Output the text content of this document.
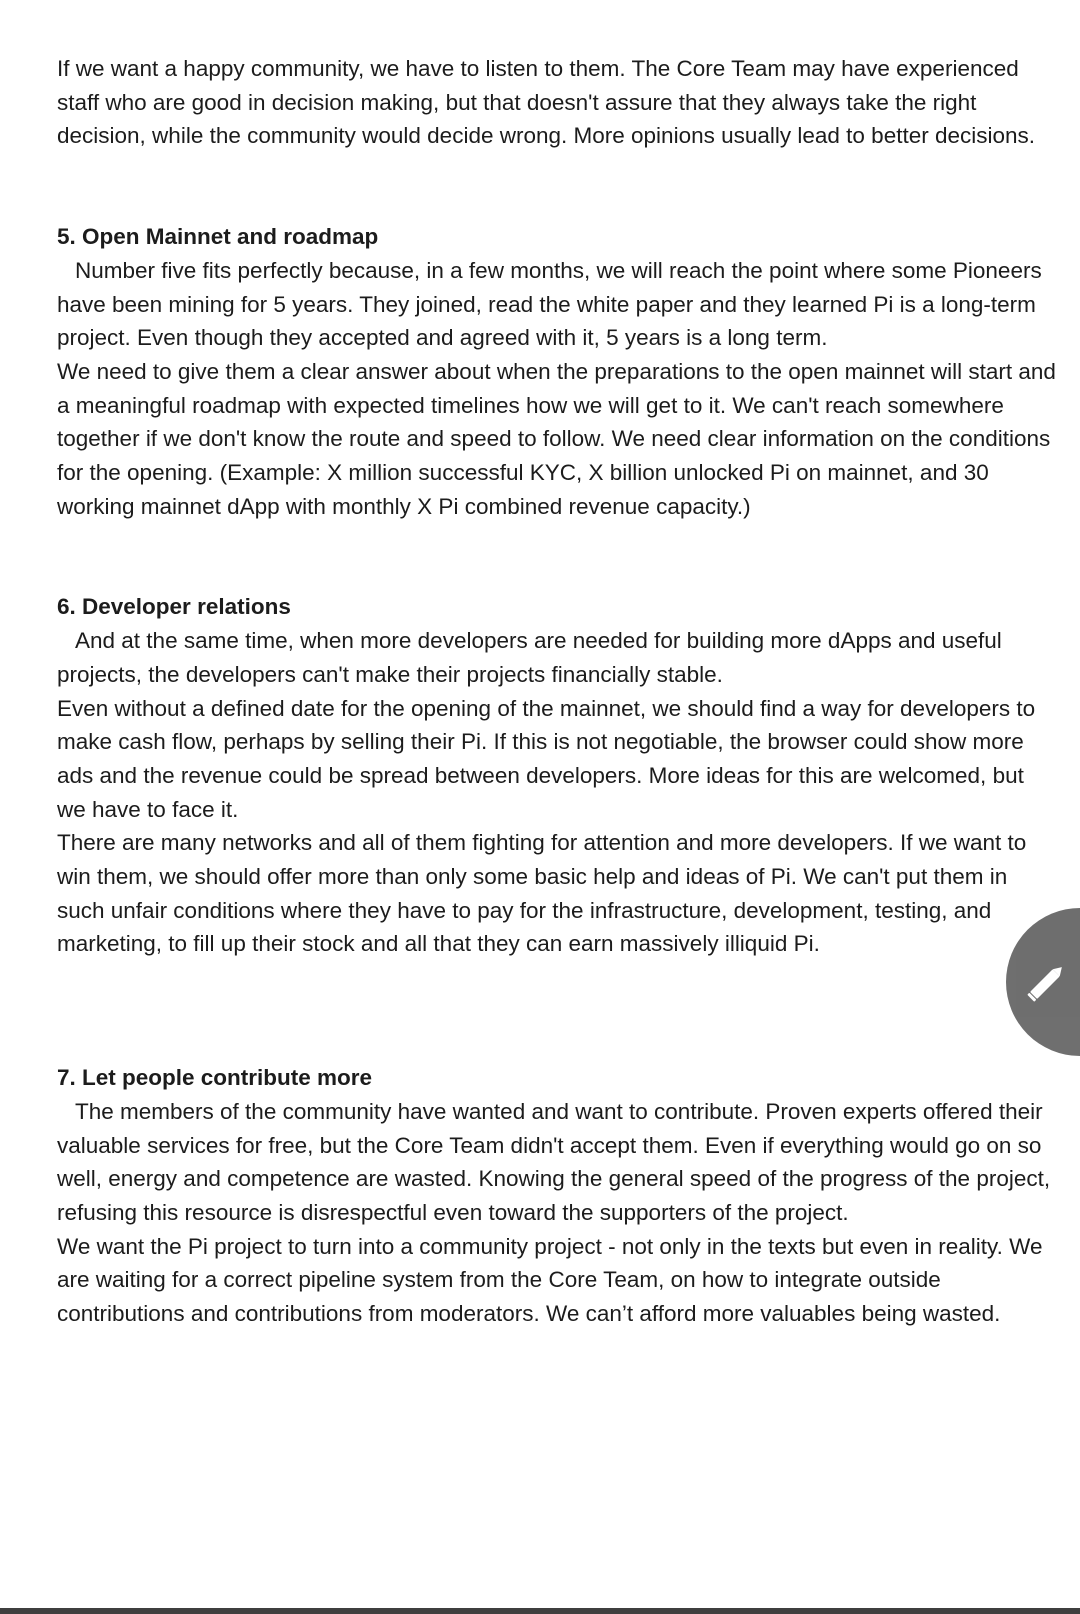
If we want a happy community, we have to listen to them. The Core Team may have experienced staff who are good in decision making, but that doesn't assure that they always take the right decision, while the community would decide wrong. More opinions usually lead to better decisions.

5. Open Mainnet and roadmap

Number five fits perfectly because, in a few months, we will reach the point where some Pioneers have been mining for 5 years. They joined, read the white paper and they learned Pi is a long-term project. Even though they accepted and agreed with it, 5 years is a long term.

We need to give them a clear answer about when the preparations to the open mainnet will start and a meaningful roadmap with expected timelines how we will get to it. We can't reach somewhere together if we don't know the route and speed to follow. We need clear information on the conditions for the opening. (Example: X million successful KYC, X billion unlocked Pi on mainnet, and 30 working mainnet dApp with monthly X Pi combined revenue capacity.)

6. Developer relations

And at the same time, when more developers are needed for building more dApps and useful projects, the developers can't make their projects financially stable.

Even without a defined date for the opening of the mainnet, we should find a way for developers to make cash flow, perhaps by selling their Pi. If this is not negotiable, the browser could show more ads and the revenue could be spread between developers. More ideas for this are welcomed, but we have to face it.

There are many networks and all of them fighting for attention and more developers. If we want to win them, we should offer more than only some basic help and ideas of Pi. We can't put them in such unfair conditions where they have to pay for the infrastructure, development, testing, and marketing, to fill up their stock and all that they can earn massively illiquid Pi.

7. Let people contribute more

The members of the community have wanted and want to contribute. Proven experts offered their valuable services for free, but the Core Team didn't accept them. Even if everything would go on so well, energy and competence are wasted. Knowing the general speed of the progress of the project, refusing this resource is disrespectful even toward the supporters of the project.

We want the Pi project to turn into a community project - not only in the texts but even in reality. We are waiting for a correct pipeline system from the Core Team, on how to integrate outside contributions and contributions from moderators. We can’t afford more valuables being wasted.
